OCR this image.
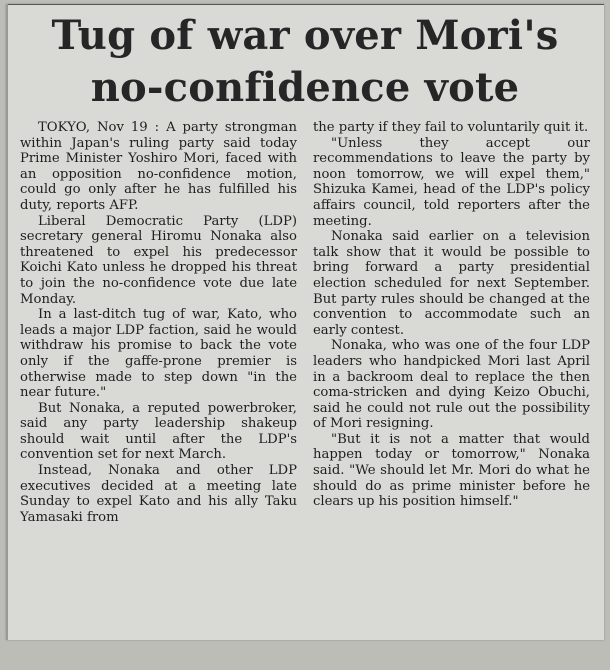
Tug of war over Mori's
no-confidence vote

TOKYO, Nov 19 : A party strongman within Japan's ruling party said today Prime Minister Yoshiro Mori, faced with an opposition no-confidence motion, could go only after he has fulfilled his duty, reports AFP.

Liberal Democratic Party (LDP) secretary general Hiromu Nonaka also threatened to expel his predecessor Koichi Kato unless he dropped his threat to join the no-confidence vote due late Monday.

In a last-ditch tug of war, Kato, who leads a major LDP faction, said he would withdraw his promise to back the vote only if the gaffe-prone premier is otherwise made to step down "in the near future."

But Nonaka, a reputed powerbroker, said any party leadership shakeup should wait until after the LDP's convention set for next March.

Instead, Nonaka and other LDP executives decided at a meeting late Sunday to expel Kato and his ally Taku Yamasaki from

the party if they fail to voluntarily quit it.

"Unless they accept our recommendations to leave the party by noon tomorrow, we will expel them," Shizuka Kamei, head of the LDP's policy affairs council, told reporters after the meeting.

Nonaka said earlier on a television talk show that it would be possible to bring forward a party presidential election scheduled for next September. But party rules should be changed at the convention to accommodate such an early contest.

Nonaka, who was one of the four LDP leaders who handpicked Mori last April in a backroom deal to replace the then coma-stricken and dying Keizo Obuchi, said he could not rule out the possibility of Mori resigning.

"But it is not a matter that would happen today or tomorrow," Nonaka said. "We should let Mr. Mori do what he should do as prime minister before he clears up his position himself."
